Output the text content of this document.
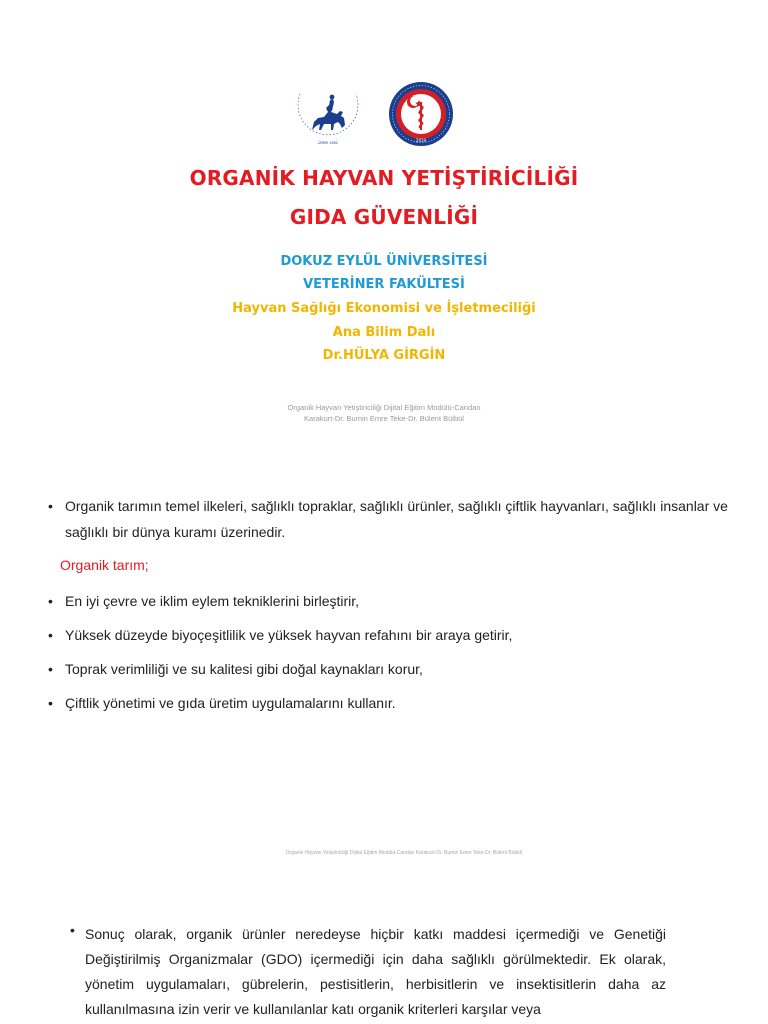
İZMİR 1982	2019
ORGANİK HAYVAN YETİŞTİRİCİLİĞİ
GIDA GÜVENLİĞİ
DOKUZ EYLÜL ÜNİVERSİTESİ
VETERİNER FAKÜLTESİ
Hayvan Sağlığı Ekonomisi ve İşletmeciliği
Ana Bilim Dalı
Dr.HÜLYA GİRGİN
Organik Hayvan Yetiştiriciliği Dijital Eğitim Modülü-Candan
Karakurt-Dr. Bumin Emre Teke-Dr. Bülent Bülbül
• Organik tarımın temel ilkeleri, sağlıklı topraklar, sağlıklı ürünler, sağlıklı çiftlik hayvanları, sağlıklı insanlar ve sağlıklı bir dünya kuramı üzerinedir.
Organik tarım;
• En iyi çevre ve iklim eylem tekniklerini birleştirir,
• Yüksek düzeyde biyoçeşitlilik ve yüksek hayvan refahını bir araya getirir,
• Toprak verimliliği ve su kalitesi gibi doğal kaynakları korur,
• Çiftlik yönetimi ve gıda üretim uygulamalarını kullanır.
Organik Hayvan Yetiştiriciliği Dijital Eğitim Modülü-Candan Karakurt-Dr. Bumin Emre Teke-Dr. Bülent Bülbül
• Sonuç olarak, organik ürünler neredeyse hiçbir katkı maddesi içermediği ve Genetiği Değiştirilmiş Organizmalar (GDO) içermediği için daha sağlıklı görülmektedir. Ek olarak, yönetim uygulamaları, gübrelerin, pestisitlerin, herbisitlerin ve insektisitlerin daha az kullanılmasına izin verir ve kullanılanlar katı organik kriterleri karşılar veya
